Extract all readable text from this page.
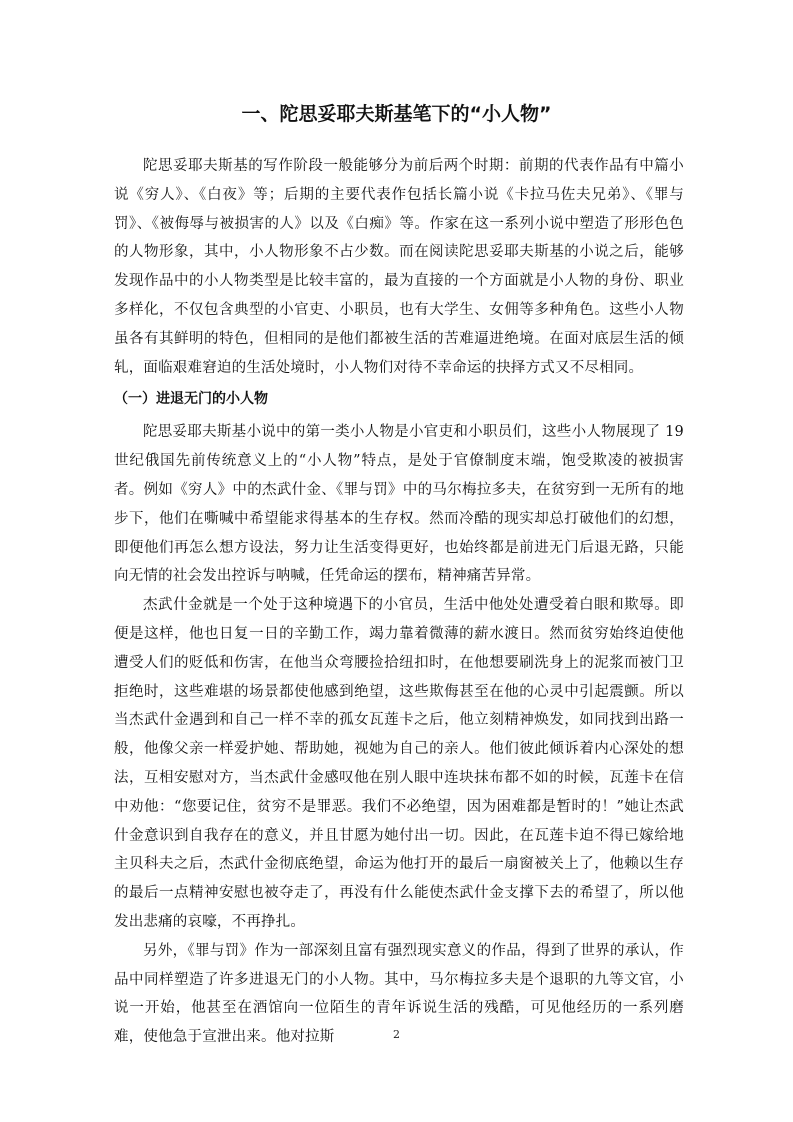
一、陀思妥耶夫斯基笔下的“小人物”

陀思妥耶夫斯基的写作阶段一般能够分为前后两个时期：前期的代表作品有中篇小说《穷人》、《白夜》等；后期的主要代表作包括长篇小说《卡拉马佐夫兄弟》、《罪与罚》、《被侮辱与被损害的人》以及《白痴》等。作家在这一系列小说中塑造了形形色色的人物形象，其中，小人物形象不占少数。而在阅读陀思妥耶夫斯基的小说之后，能够发现作品中的小人物类型是比较丰富的，最为直接的一个方面就是小人物的身份、职业多样化，不仅包含典型的小官吏、小职员，也有大学生、女佣等多种角色。这些小人物虽各有其鲜明的特色，但相同的是他们都被生活的苦难逼进绝境。在面对底层生活的倾轧，面临艰难窘迫的生活处境时，小人物们对待不幸命运的抉择方式又不尽相同。

（一）进退无门的小人物

陀思妥耶夫斯基小说中的第一类小人物是小官吏和小职员们，这些小人物展现了 19 世纪俄国先前传统意义上的“小人物”特点，是处于官僚制度末端，饱受欺凌的被损害者。例如《穷人》中的杰武什金、《罪与罚》中的马尔梅拉多夫，在贫穷到一无所有的地步下，他们在嘶喊中希望能求得基本的生存权。然而冷酷的现实却总打破他们的幻想，即便他们再怎么想方设法，努力让生活变得更好，也始终都是前进无门后退无路，只能向无情的社会发出控诉与呐喊，任凭命运的摆布，精神痛苦异常。

杰武什金就是一个处于这种境遇下的小官员，生活中他处处遭受着白眼和欺辱。即便是这样，他也日复一日的辛勤工作，竭力靠着微薄的薪水渡日。然而贫穷始终迫使他遭受人们的贬低和伤害，在他当众弯腰捡拾纽扣时，在他想要刷洗身上的泥浆而被门卫拒绝时，这些难堪的场景都使他感到绝望，这些欺侮甚至在他的心灵中引起震颤。所以当杰武什金遇到和自己一样不幸的孤女瓦莲卡之后，他立刻精神焕发，如同找到出路一般，他像父亲一样爱护她、帮助她，视她为自己的亲人。他们彼此倾诉着内心深处的想法，互相安慰对方，当杰武什金感叹他在别人眼中连块抹布都不如的时候，瓦莲卡在信中劝他：“您要记住，贫穷不是罪恶。我们不必绝望，因为困难都是暂时的！”她让杰武什金意识到自我存在的意义，并且甘愿为她付出一切。因此，在瓦莲卡迫不得已嫁给地主贝科夫之后，杰武什金彻底绝望，命运为他打开的最后一扇窗被关上了，他赖以生存的最后一点精神安慰也被夺走了，再没有什么能使杰武什金支撑下去的希望了，所以他发出悲痛的哀嚎，不再挣扎。

另外，《罪与罚》作为一部深刻且富有强烈现实意义的作品，得到了世界的承认，作品中同样塑造了许多进退无门的小人物。其中，马尔梅拉多夫是个退职的九等文官，小说一开始，他甚至在酒馆向一位陌生的青年诉说生活的残酷，可见他经历的一系列磨难，使他急于宣泄出来。他对拉斯	2
